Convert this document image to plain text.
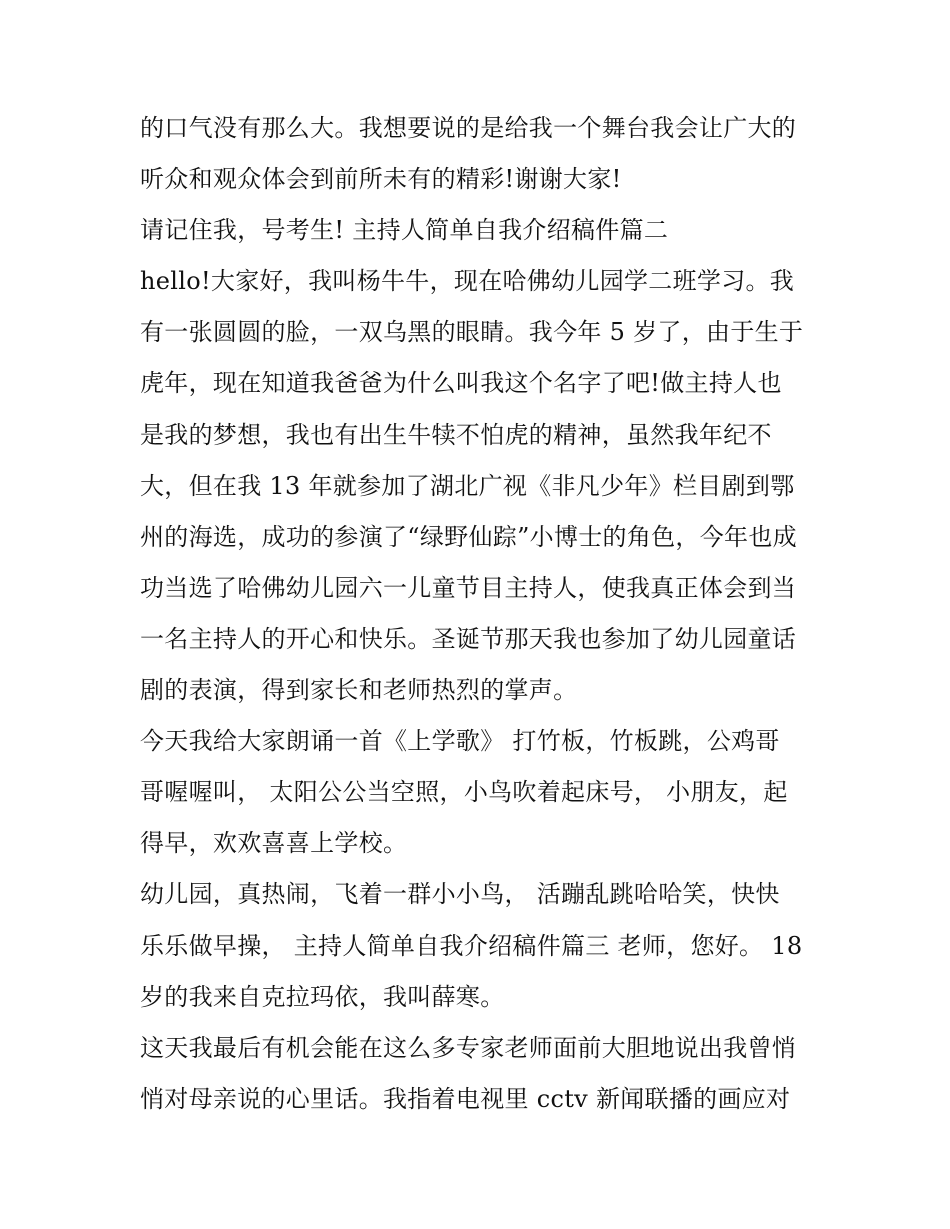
的口气没有那么大。我想要说的是给我一个舞台我会让广大的
听众和观众体会到前所未有的精彩!谢谢大家!
请记住我，号考生! 主持人简单自我介绍稿件篇二
hello!大家好，我叫杨牛牛，现在哈佛幼儿园学二班学习。我
有一张圆圆的脸，一双乌黑的眼睛。我今年 5 岁了，由于生于
虎年，现在知道我爸爸为什么叫我这个名字了吧!做主持人也
是我的梦想，我也有出生牛犊不怕虎的精神，虽然我年纪不
大，但在我 13 年就参加了湖北广视《非凡少年》栏目剧到鄂
州的海选，成功的参演了“绿野仙踪”小博士的角色，今年也成
功当选了哈佛幼儿园六一儿童节目主持人，使我真正体会到当
一名主持人的开心和快乐。圣诞节那天我也参加了幼儿园童话
剧的表演，得到家长和老师热烈的掌声。
今天我给大家朗诵一首《上学歌》 打竹板，竹板跳，公鸡哥
哥喔喔叫， 太阳公公当空照，小鸟吹着起床号， 小朋友，起
得早，欢欢喜喜上学校。
幼儿园，真热闹，飞着一群小小鸟， 活蹦乱跳哈哈笑，快快
乐乐做早操， 主持人简单自我介绍稿件篇三 老师，您好。 18
岁的我来自克拉玛依，我叫薛寒。
这天我最后有机会能在这么多专家老师面前大胆地说出我曾悄
悄对母亲说的心里话。我指着电视里 cctv 新闻联播的画应对
